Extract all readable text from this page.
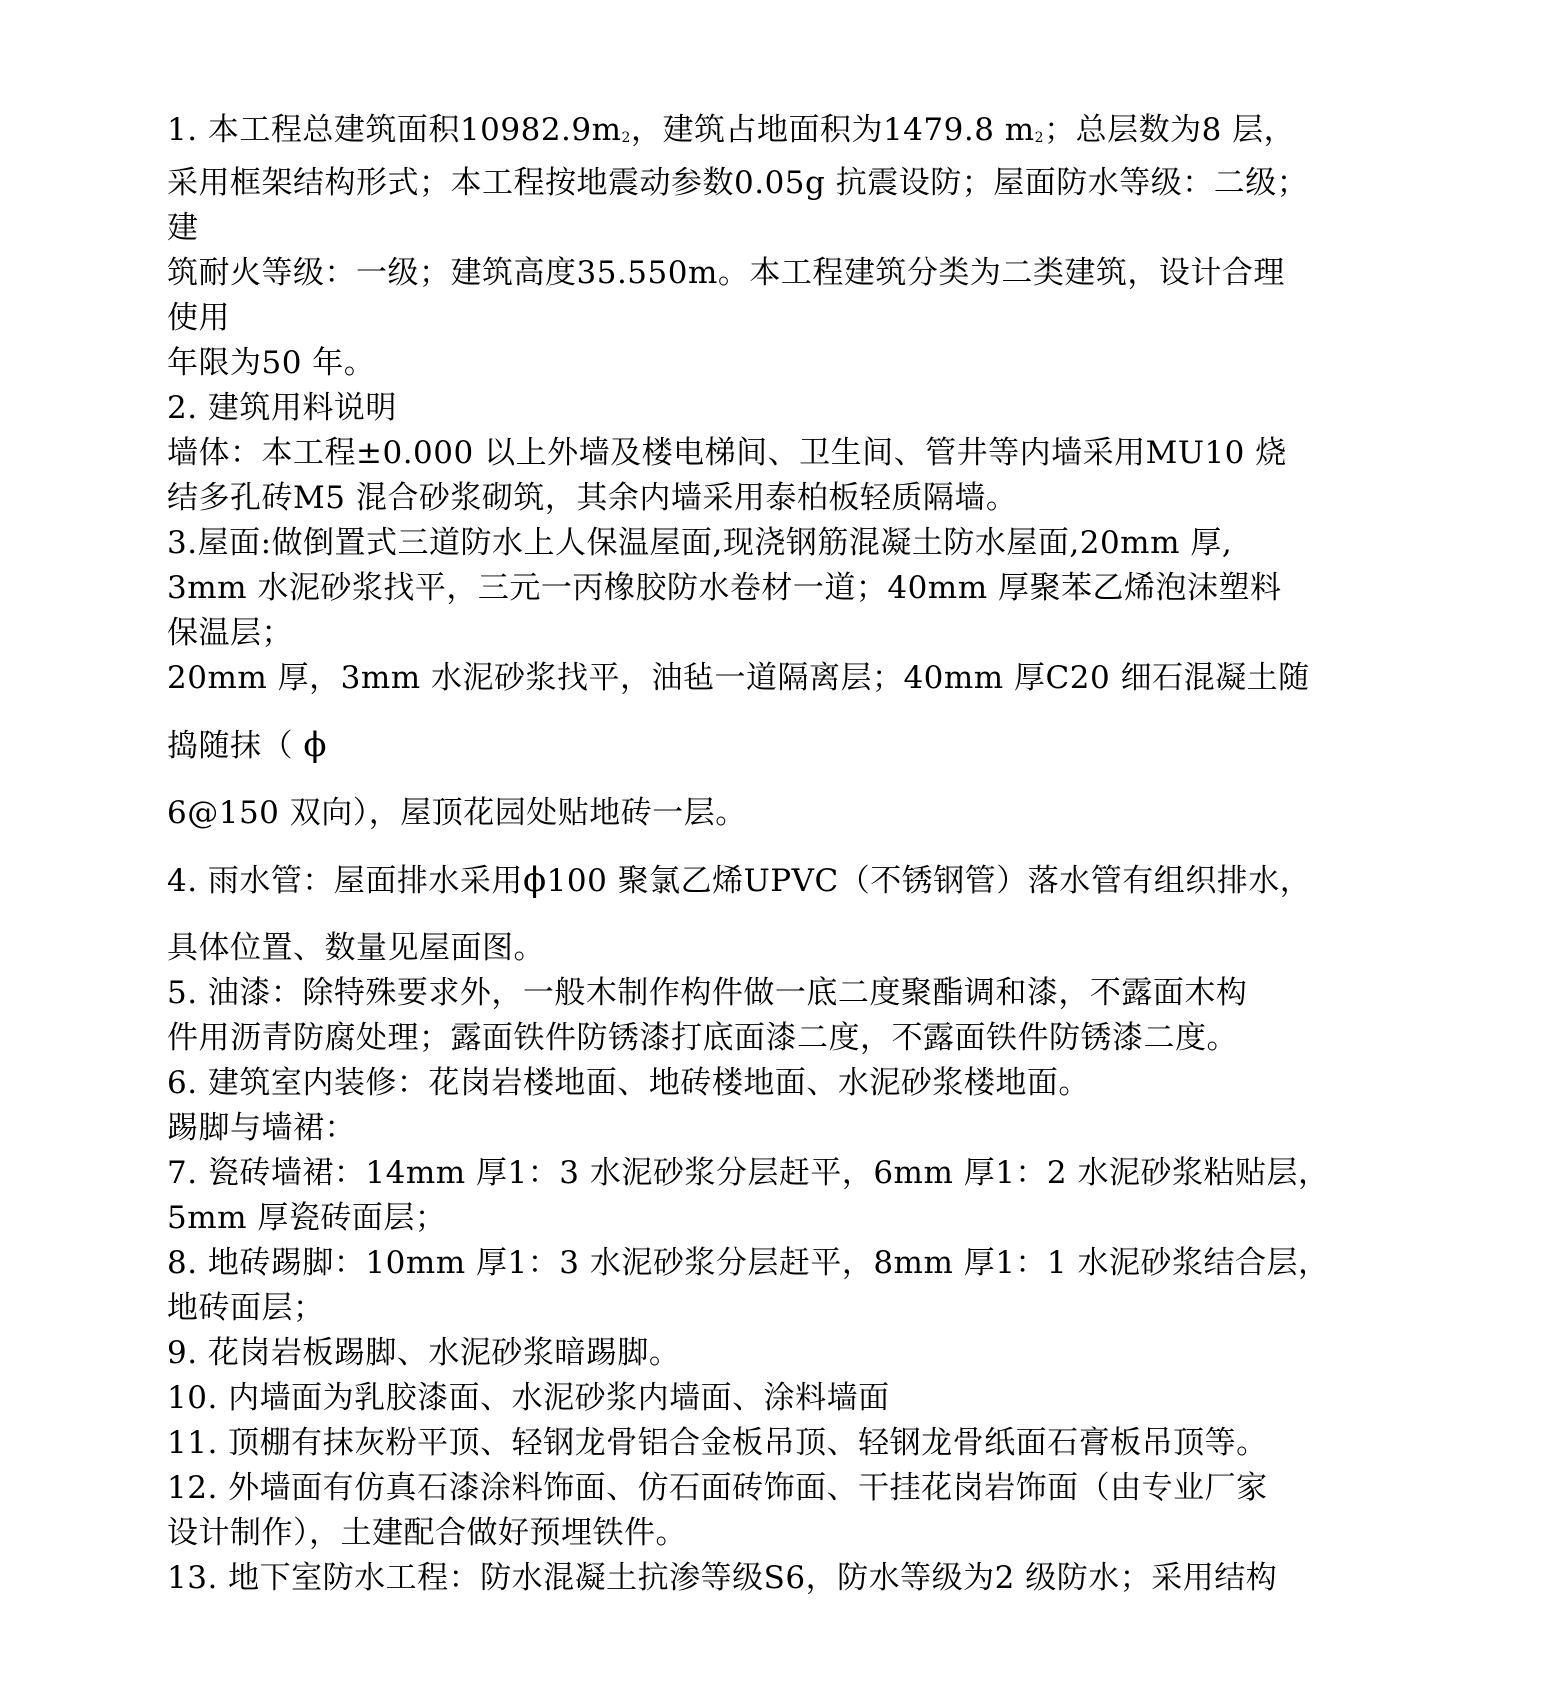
1. 本工程总建筑面积10982.9m2，建筑占地面积为1479.8 m2；总层数为8 层，
采用框架结构形式；本工程按地震动参数0.05g 抗震设防；屋面防水等级：二级；
建
筑耐火等级：一级；建筑高度35.550m。本工程建筑分类为二类建筑，设计合理
使用
年限为50 年。
2. 建筑用料说明
墙体：本工程±0.000 以上外墙及楼电梯间、卫生间、管井等内墙采用MU10 烧
结多孔砖M5 混合砂浆砌筑，其余内墙采用泰柏板轻质隔墙。
3.屋面:做倒置式三道防水上人保温屋面,现浇钢筋混凝土防水屋面,20mm 厚,
3mm 水泥砂浆找平，三元一丙橡胶防水卷材一道；40mm 厚聚苯乙烯泡沫塑料
保温层；
20mm 厚，3mm 水泥砂浆找平，油毡一道隔离层；40mm 厚C20 细石混凝土随
捣随抹（ ϕ
6@150 双向），屋顶花园处贴地砖一层。
4. 雨水管：屋面排水采用ϕ100 聚氯乙烯UPVC（不锈钢管）落水管有组织排水，
具体位置、数量见屋面图。
5. 油漆：除特殊要求外，一般木制作构件做一底二度聚酯调和漆，不露面木构
件用沥青防腐处理；露面铁件防锈漆打底面漆二度，不露面铁件防锈漆二度。
6. 建筑室内装修：花岗岩楼地面、地砖楼地面、水泥砂浆楼地面。
踢脚与墙裙：
7. 瓷砖墙裙：14mm 厚1：3 水泥砂浆分层赶平，6mm 厚1：2 水泥砂浆粘贴层，
5mm 厚瓷砖面层；
8. 地砖踢脚：10mm 厚1：3 水泥砂浆分层赶平，8mm 厚1：1 水泥砂浆结合层，
地砖面层；
9. 花岗岩板踢脚、水泥砂浆暗踢脚。
10. 内墙面为乳胶漆面、水泥砂浆内墙面、涂料墙面
11. 顶棚有抹灰粉平顶、轻钢龙骨铝合金板吊顶、轻钢龙骨纸面石膏板吊顶等。
12. 外墙面有仿真石漆涂料饰面、仿石面砖饰面、干挂花岗岩饰面（由专业厂家
设计制作），土建配合做好预埋铁件。
13. 地下室防水工程：防水混凝土抗渗等级S6，防水等级为2 级防水；采用结构
